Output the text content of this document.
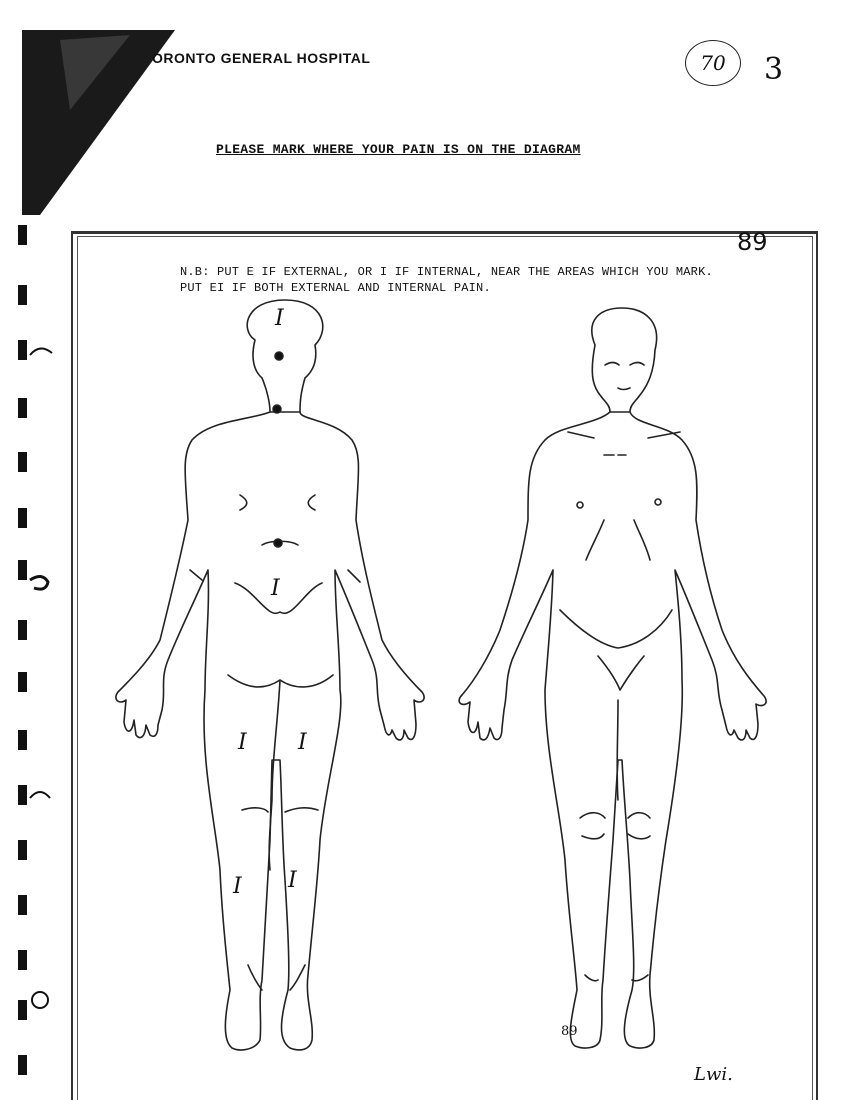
ORONTO GENERAL HOSPITAL	70	3
PLEASE MARK WHERE YOUR PAIN IS ON THE DIAGRAM
89
N.B: PUT E IF EXTERNAL, OR I IF INTERNAL, NEAR THE AREAS WHICH YOU MARK.
PUT EI IF BOTH EXTERNAL AND INTERNAL PAIN.
I
I
I I
I I
89
Lwi.
